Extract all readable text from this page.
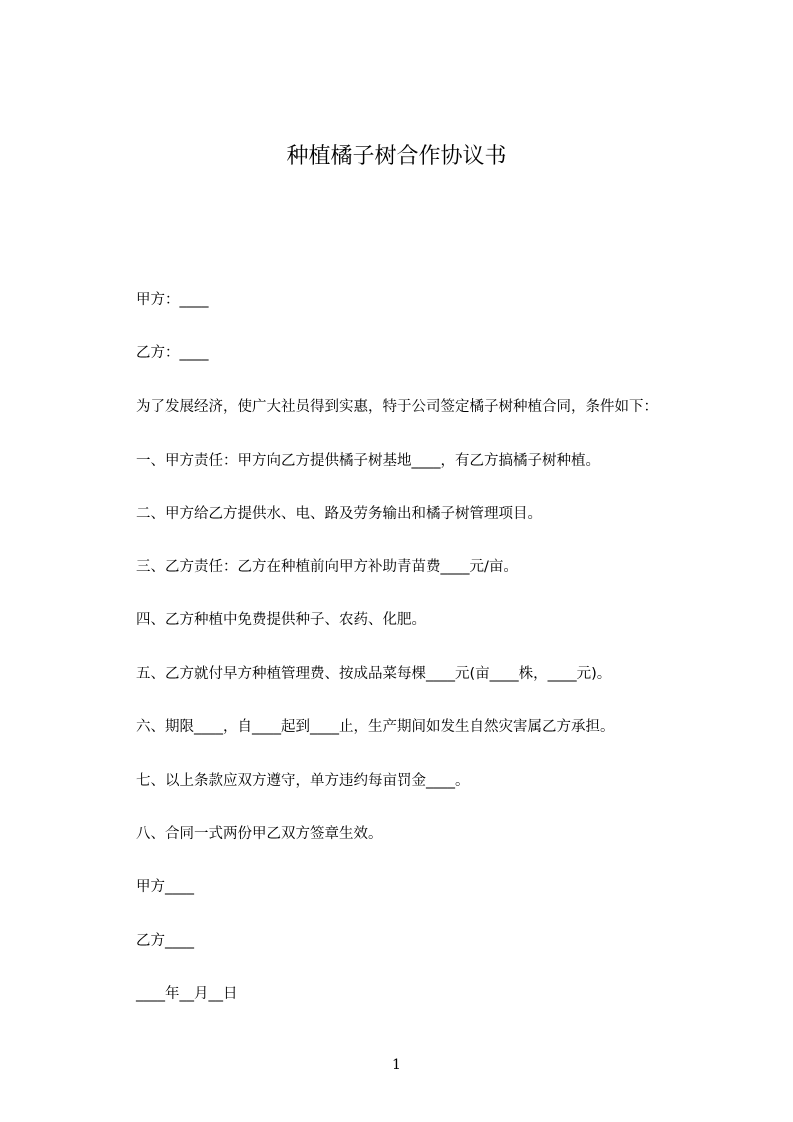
种植橘子树合作协议书
甲方：____
乙方：____
为了发展经济，使广大社员得到实惠，特于公司签定橘子树种植合同，条件如下：
一、甲方责任：甲方向乙方提供橘子树基地____，有乙方搞橘子树种植。
二、甲方给乙方提供水、电、路及劳务输出和橘子树管理项目。
三、乙方责任：乙方在种植前向甲方补助青苗费____元/亩。
四、乙方种植中免费提供种子、农药、化肥。
五、乙方就付早方种植管理费、按成品菜每棵____元(亩____株，____元)。
六、期限____，自____起到____止，生产期间如发生自然灾害属乙方承担。
七、以上条款应双方遵守，单方违约每亩罚金____。
八、合同一式两份甲乙双方签章生效。
甲方____
乙方____
____年__月__日
1
